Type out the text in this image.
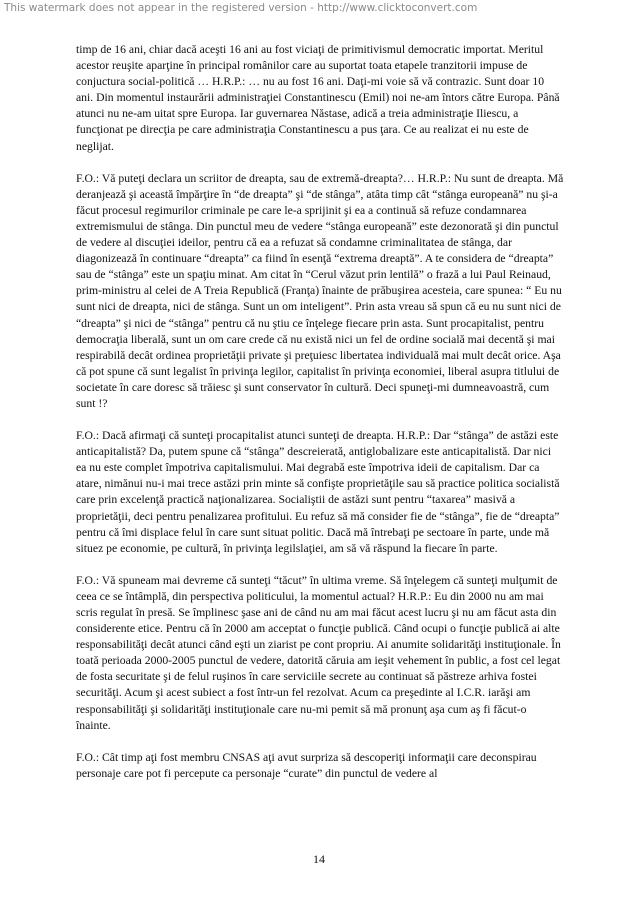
This watermark does not appear in the registered version - http://www.clicktoconvert.com

timp de 16 ani, chiar dacă aceşti 16 ani au fost viciaţi de primitivismul democratic importat. Meritul acestor reuşite aparţine în principal românilor care au suportat toata etapele tranzitorii impuse de conjuctura social-politică … H.R.P.: … nu au fost 16 ani. Daţi-mi voie să vă contrazic. Sunt doar 10 ani. Din momentul instaurării administraţiei Constantinescu (Emil) noi ne-am întors către Europa. Până atunci nu ne-am uitat spre Europa. Iar guvernarea Năstase, adică a treia administraţie Iliescu, a funcţionat pe direcţia pe care administraţia Constantinescu a pus ţara. Ce au realizat ei nu este de neglijat.

F.O.: Vă puteţi declara un scriitor de dreapta, sau de extremă-dreapta?… H.R.P.: Nu sunt de dreapta. Mă deranjează şi această împărţire în “de dreapta” şi “de stânga”, atâta timp cât “stânga europeană” nu şi-a făcut procesul regimurilor criminale pe care le-a sprijinit şi ea a continuă să refuze condamnarea extremismului de stânga. Din punctul meu de vedere “stânga europeană” este dezonorată şi din punctul de vedere al discuţiei ideilor, pentru că ea a refuzat să condamne criminalitatea de stânga, dar diagonizează în continuare “dreapta” ca fiind în esenţă “extrema dreaptă”. A te considera de “dreapta” sau de “stânga” este un spaţiu minat. Am citat în “Cerul văzut prin lentilă” o frază a lui Paul Reinaud, prim-ministru al celei de A Treia Republică (Franţa) înainte de prăbuşirea acesteia, care spunea: “ Eu nu sunt nici de dreapta, nici de stânga. Sunt un om inteligent”. Prin asta vreau să spun că eu nu sunt nici de “dreapta” şi nici de “stânga” pentru că nu ştiu ce înţelege fiecare prin asta. Sunt procapitalist, pentru democraţia liberală, sunt un om care crede că nu există nici un fel de ordine socială mai decentă şi mai respirabilă decât ordinea proprietăţii private şi preţuiesc libertatea individuală mai mult decât orice. Aşa că pot spune că sunt legalist în privinţa legilor, capitalist în privinţa economiei, liberal asupra titlului de societate în care doresc să trăiesc şi sunt conservator în cultură. Deci spuneţi-mi dumneavoastră, cum sunt !?

F.O.: Dacă afirmaţi că sunteţi procapitalist atunci sunteţi de dreapta. H.R.P.: Dar “stânga” de astăzi este anticapitalistă? Da, putem spune că “stânga” descreierată, antiglobalizare este anticapitalistă. Dar nici ea nu este complet împotriva capitalismului. Mai degrabă este împotriva ideii de capitalism. Dar ca atare, nimănui nu-i mai trece astăzi prin minte să confişte proprietăţile sau să practice politica socialistă care prin excelenţă practică naţionalizarea. Socialiştii de astăzi sunt pentru “taxarea” masivă a proprietăţii, deci pentru penalizarea profitului. Eu refuz să mă consider fie de “stânga”, fie de “dreapta” pentru că îmi displace felul în care sunt situat politic. Dacă mă întrebaţi pe sectoare în parte, unde mă situez pe economie, pe cultură, în privinţa legilslaţiei, am să vă răspund la fiecare în parte.

F.O.: Vă spuneam mai devreme că sunteţi “tăcut” în ultima vreme. Să înţelegem că sunteţi mulţumit de ceea ce se întâmplă, din perspectiva politicului, la momentul actual? H.R.P.: Eu din 2000 nu am mai scris regulat în presă. Se împlinesc şase ani de când nu am mai făcut acest lucru şi nu am făcut asta din considerente etice. Pentru că în 2000 am acceptat o funcţie publică. Când ocupi o funcţie publică ai alte responsabilităţi decât atunci când eşti un ziarist pe cont propriu. Ai anumite solidarităţi instituţionale. În toată perioada 2000-2005 punctul de vedere, datorită căruia am ieşit vehement în public, a fost cel legat de fosta securitate şi de felul ruşinos în care serviciile secrete au continuat să păstreze arhiva fostei securităţi. Acum şi acest subiect a fost într-un fel rezolvat. Acum ca preşedinte al I.C.R. iarăşi am responsabilităţi şi solidarităţi instituţionale care nu-mi pemit să mă pronunţ aşa cum aş fi făcut-o înainte.

F.O.: Cât timp aţi fost membru CNSAS aţi avut surpriza să descoperiţi informaţii care deconspirau personaje care pot fi percepute ca personaje “curate” din punctul de vedere al

14
